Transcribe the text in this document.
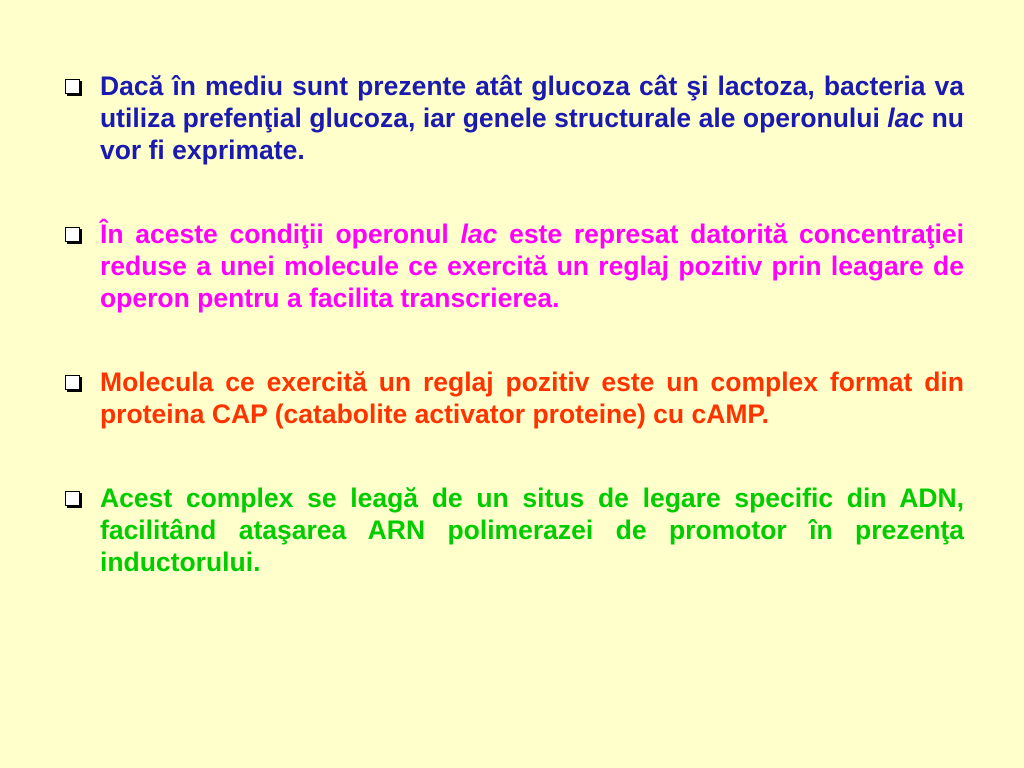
Dacă în mediu sunt prezente atât glucoza cât şi lactoza, bacteria va utiliza prefenţial glucoza, iar genele structurale ale operonului lac nu vor fi exprimate.

În aceste condiţii operonul lac este represat datorită concentraţiei reduse a unei molecule ce exercită un reglaj pozitiv prin leagare de operon pentru a facilita transcrierea.

Molecula ce exercită un reglaj pozitiv este un complex format din proteina CAP (catabolite activator proteine) cu cAMP.

Acest complex se leagă de un situs de legare specific din ADN, facilitând ataşarea ARN polimerazei de promotor în prezenţa inductorului.
